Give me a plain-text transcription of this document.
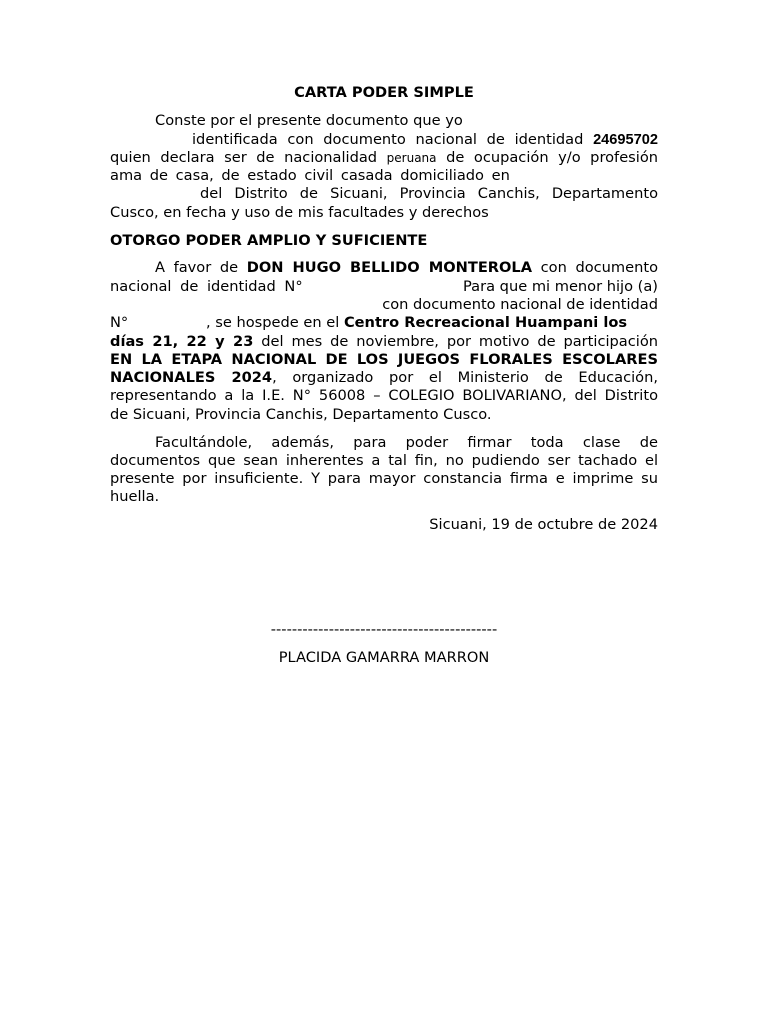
CARTA PODER SIMPLE
Conste por el presente documento que yo
identificada con documento nacional de identidad 24695702
quien declara ser de nacionalidad peruana de ocupación y/o profesión
ama de casa, de estado civil casada domiciliado en
del Distrito de Sicuani, Provincia Canchis, Departamento
Cusco, en fecha y uso de mis facultades y derechos
OTORGO PODER AMPLIO Y SUFICIENTE
A favor de DON HUGO BELLIDO MONTEROLA con documento
nacional de identidad N°	Para que mi menor hijo (a)
con documento nacional de identidad
N°	, se hospede en el Centro Recreacional Huampani los
días 21, 22 y 23 del mes de noviembre, por motivo de participación
EN LA ETAPA NACIONAL DE LOS JUEGOS FLORALES ESCOLARES
NACIONALES 2024, organizado por el Ministerio de Educación,
representando a la I.E. N° 56008 – COLEGIO BOLIVARIANO, del Distrito
de Sicuani, Provincia Canchis, Departamento Cusco.
Facultándole, además, para poder firmar toda clase de
documentos que sean inherentes a tal fin, no pudiendo ser tachado el
presente por insuficiente. Y para mayor constancia firma e imprime su
huella.
Sicuani, 19 de octubre de 2024
-------------------------------------------
PLACIDA GAMARRA MARRON
